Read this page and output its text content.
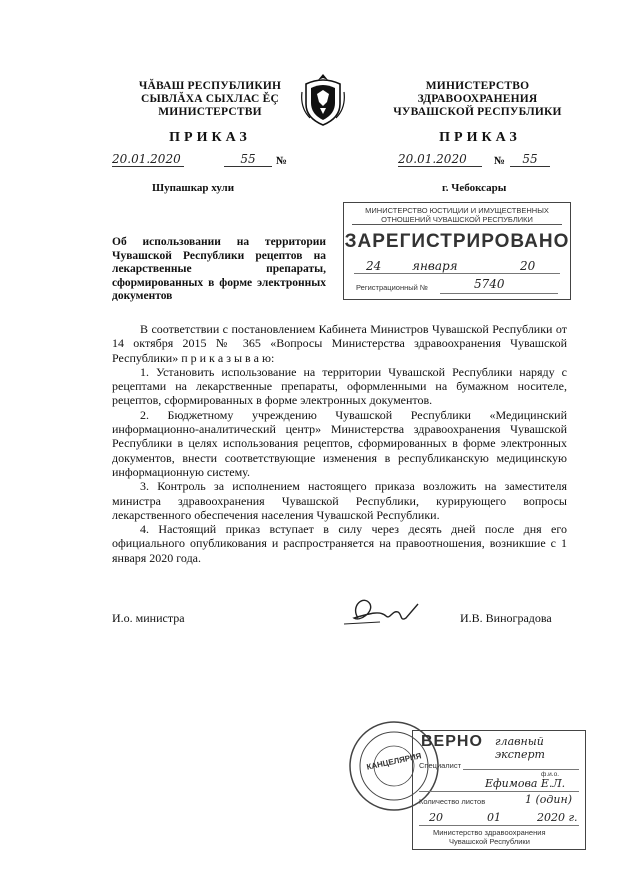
ЧĂВАШ РЕСПУБЛИКИН
СЫВЛĂХА СЫХЛАС ĚÇ
МИНИСТЕРСТВИ
МИНИСТЕРСТВО
ЗДРАВООХРАНЕНИЯ
ЧУВАШСКОЙ РЕСПУБЛИКИ
ПРИКАЗ	ПРИКАЗ
20.01.2020	55	№	20.01.2020	№	55
Шупашкар хули	г. Чебоксары
МИНИСТЕРСТВО ЮСТИЦИИ И ИМУЩЕСТВЕННЫХ
ОТНОШЕНИЙ ЧУВАШСКОЙ РЕСПУБЛИКИ
ЗАРЕГИСТРИРОВАНО
24	января	20
Регистрационный №	5740
Об использовании на территории Чувашской Республики рецептов на лекарственные препараты, сформированных в форме электронных документов

В соответствии с постановлением Кабинета Министров Чувашской Республики от 14 октября 2015 № 365 «Вопросы Министерства здравоохранения Чувашской Республики» п р и к а з ы в а ю:

1. Установить использование на территории Чувашской Республики наряду с рецептами на лекарственные препараты, оформленными на бумажном носителе, рецептов, сформированных в форме электронных документов.

2. Бюджетному учреждению Чувашской Республики «Медицинский информационно-аналитический центр» Министерства здравоохранения Чувашской Республики в целях использования рецептов, сформированных в форме электронных документов, внести соответствующие изменения в республиканскую медицинскую информационную систему.

3. Контроль за исполнением настоящего приказа возложить на заместителя министра здравоохранения Чувашской Республики, курирующего вопросы лекарственного обеспечения населения Чувашской Республики.

4. Настоящий приказ вступает в силу через десять дней после дня его официального опубликования и распространяется на правоотношения, возникшие с 1 января 2020 года.

И.о. министра	И.В. Виноградова
КАНЦЕЛЯРИЯ
ВЕРНО главный эксперт
Специалист
ф.и.о.
Ефимова Е.Л.
Количество листов	1 (один)
20	01	2020 г.
Министерство здравоохранения
Чувашской Республики
